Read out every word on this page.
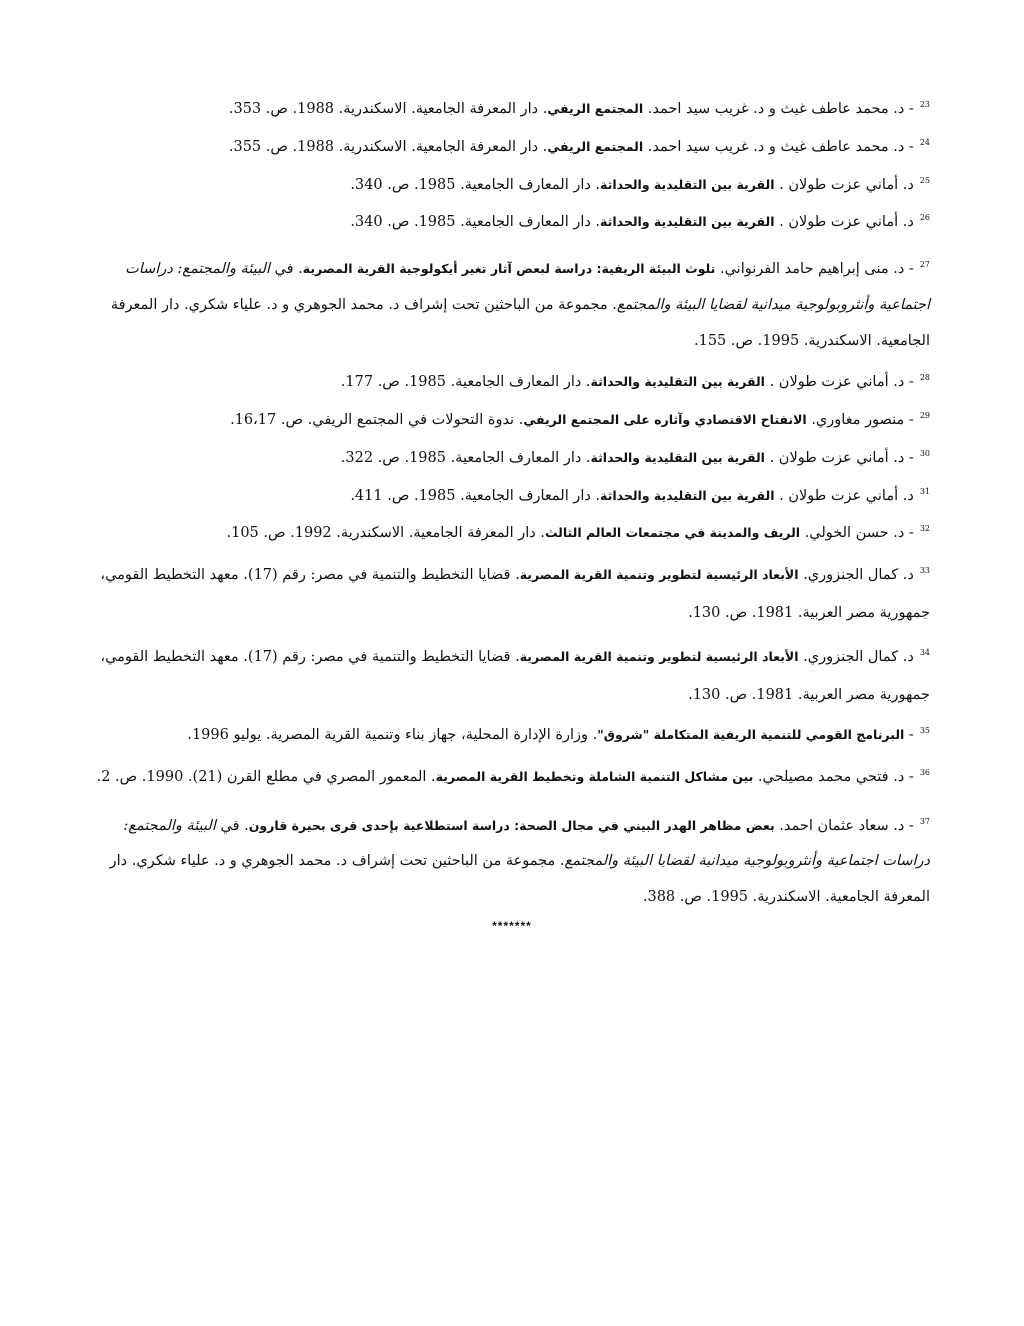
$^{23}$- د. محمد عاطف غيث و د. غريب سيد احمد. المجتمع الريفي. دار المعرفة الجامعية. الاسكندرية. 1988. ص. 353.
$^{24}$- د. محمد عاطف غيث و د. غريب سيد احمد. المجتمع الريفي. دار المعرفة الجامعية. الاسكندرية. 1988. ص. 355.
$^{25}$د. أماني عزت طولان . القرية بين التقليدية والحداثة. دار المعارف الجامعية. 1985. ص. 340.
$^{26}$د. أماني عزت طولان . القرية بين التقليدية والحداثة. دار المعارف الجامعية. 1985. ص. 340.
$^{27}$- د. منى إبراهيم حامد الفرنواني. تلوث البيئة الريفية: دراسة لبعض آثار تغير أيكولوجية القرية المصرية. في البيئة والمجتمع: دراسات اجتماعية وأنثروبولوجية ميدانية لقضايا البيئة والمجتمع. مجموعة من الباحثين تحت إشراف د. محمد الجوهري و د. علياء شكري. دار المعرفة الجامعية. الاسكندرية. 1995. ص. 155.
$^{28}$- د. أماني عزت طولان . القرية بين التقليدية والحداثة. دار المعارف الجامعية. 1985. ص. 177.
$^{29}$- منصور مغاوري. الانفتاح الاقتصادي وآثاره على المجتمع الريفي. ندوة التحولات في المجتمع الريفي. ص. 16،17.
$^{30}$- د. أماني عزت طولان . القرية بين التقليدية والحداثة. دار المعارف الجامعية. 1985. ص. 322.
$^{31}$د. أماني عزت طولان . القرية بين التقليدية والحداثة. دار المعارف الجامعية. 1985. ص. 411.
$^{32}$- د. حسن الخولي. الريف والمدينة في مجتمعات العالم الثالث. دار المعرفة الجامعية. الاسكندرية. 1992. ص. 105.
$^{33}$د. كمال الجنزوري. الأبعاد الرئيسية لتطوير وتنمية القرية المصرية. قضايا التخطيط والتنمية في مصر: رقم (17). معهد التخطيط القومي، جمهورية مصر العربية. 1981. ص. 130.
$^{34}$د. كمال الجنزوري. الأبعاد الرئيسية لتطوير وتنمية القرية المصرية. قضايا التخطيط والتنمية في مصر: رقم (17). معهد التخطيط القومي، جمهورية مصر العربية. 1981. ص. 130.
$^{35}$- البرنامج القومي للتنمية الريفية المتكاملة "شروق". وزارة الإدارة المحلية، جهاز بناء وتنمية القرية المصرية. يوليو 1996.
$^{36}$- د. فتحي محمد مصيلحي. بين مشاكل التنمية الشاملة وتخطيط القرية المصرية. المعمور المصري في مطلع القرن (21). 1990. ص. 2.
$^{37}$- د. سعاد عثمان احمد. بعض مظاهر الهدر البيني في مجال الصحة: دراسة استطلاعية بإحدى قرى بحيرة قارون. في البيئة والمجتمع: دراسات اجتماعية وأنثروبولوجية ميدانية لقضايا البيئة والمجتمع. مجموعة من الباحثين تحت إشراف د. محمد الجوهري و د. علياء شكري. دار المعرفة الجامعية. الاسكندرية. 1995. ص. 388.
*******
